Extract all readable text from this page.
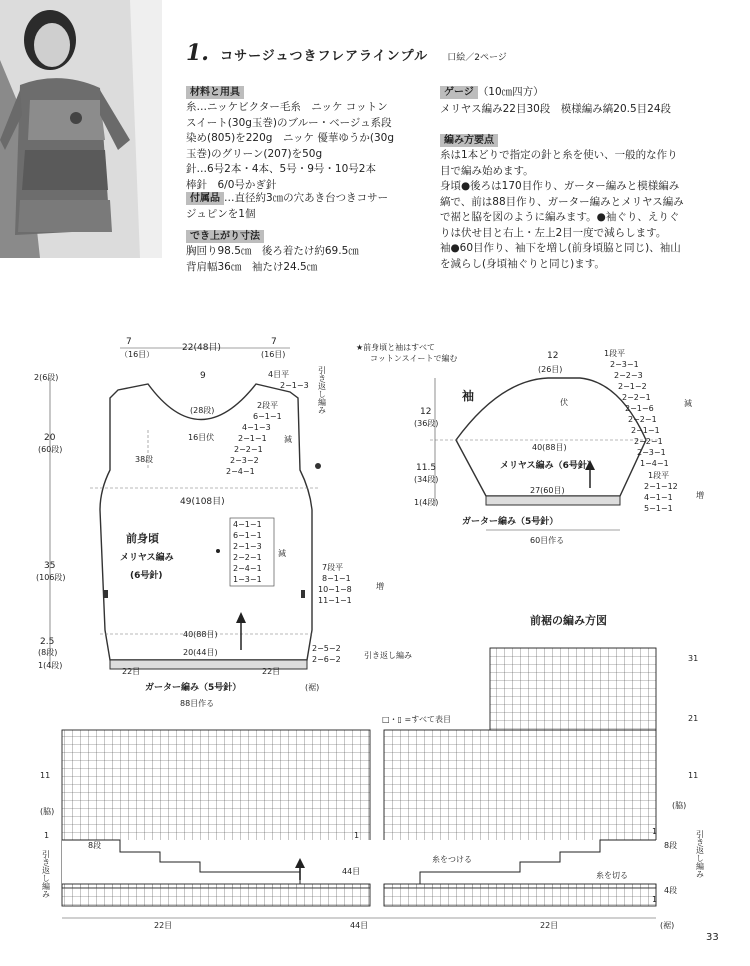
1. コサージュつきフレアラインプル 口絵／2ページ
材料と用具
糸…ニッケビクター毛糸　ニッケ コットン
スイート(30g玉巻)のブルー・ベージュ系段
染め(805)を220g　ニッケ 優華ゆうか(30g
玉巻)のグリーン(207)を50g
針…6号2本・4本、5号・9号・10号2本
棒針　6/0号かぎ針
付属品 …直径約3㎝の穴あき台つきコサー
ジュピンを1個
でき上がり寸法
胸回り98.5㎝　後ろ着たけ約69.5㎝
背肩幅36㎝　袖たけ24.5㎝
ゲージ （10㎝四方）
メリヤス編み22目30段　模様編み縞20.5目24段
編み方要点
糸は1本どりで指定の針と糸を使い、一般的な作り
目で編み始めます。
身頃●後ろは170目作り、ガーター編みと模様編み
縞で、前は88目作り、ガーター編みとメリヤス編み
で裾と脇を図のように編みます。●袖ぐり、えりぐ
りは伏せ目と右上・左上2目一度で減らします。
袖●60目作り、袖下を増し(前身頃脇と同じ)、袖山
を減らし(身頃袖ぐりと同じ)ます。
7
（16目）
22(48目)
7
(16目)
2(6段)
20
(60段)
35
(106段)
2.5
(8段)
1(4段)
9
(28段)
16目伏
38段
49(108目)
40(88目)
20(44目)
22目	22目
88目作る
前身頃
メリヤス編み
(6号針)
ガーター編み（5号針）	(裾)
4目平
2−1−3 引き返し編み
2段平
6−1−1
4−1−3
2−1−1
2−2−1
2−3−2
2−4−1
減
4−1−1
6−1−1
2−1−3
2−2−1
2−4−1
1−3−1
減
7段平
8−1−1
10−1−8
11−1−1
増
2−5−2
2−6−2	引き返し編み
★前身頃と袖はすべて
コットンスイートで編む	12
(26目)
袖	伏
12
(36段)
11.5
(34段)
1(4段)
40(88目)
メリヤス編み（6号針）
27(60目)
ガーター編み（5号針）
60目作る
1段平
2−3−1
2−2−3
2−1−2
2−2−1
2−1−6
2−2−1
2−1−1
2−2−1
2−3−1
1−4−1
減
1段平
2−1−12
4−1−1
5−1−1
増
前裾の編み方図
□・▯ =すべて表目
31
21
11	11
(脇)
(脇)
1	1
1
1
引き返し編み	引き返し編み
8段	8段
4段
44目
糸をつける
糸を切る
22目	44目	22目	(裾)
33
